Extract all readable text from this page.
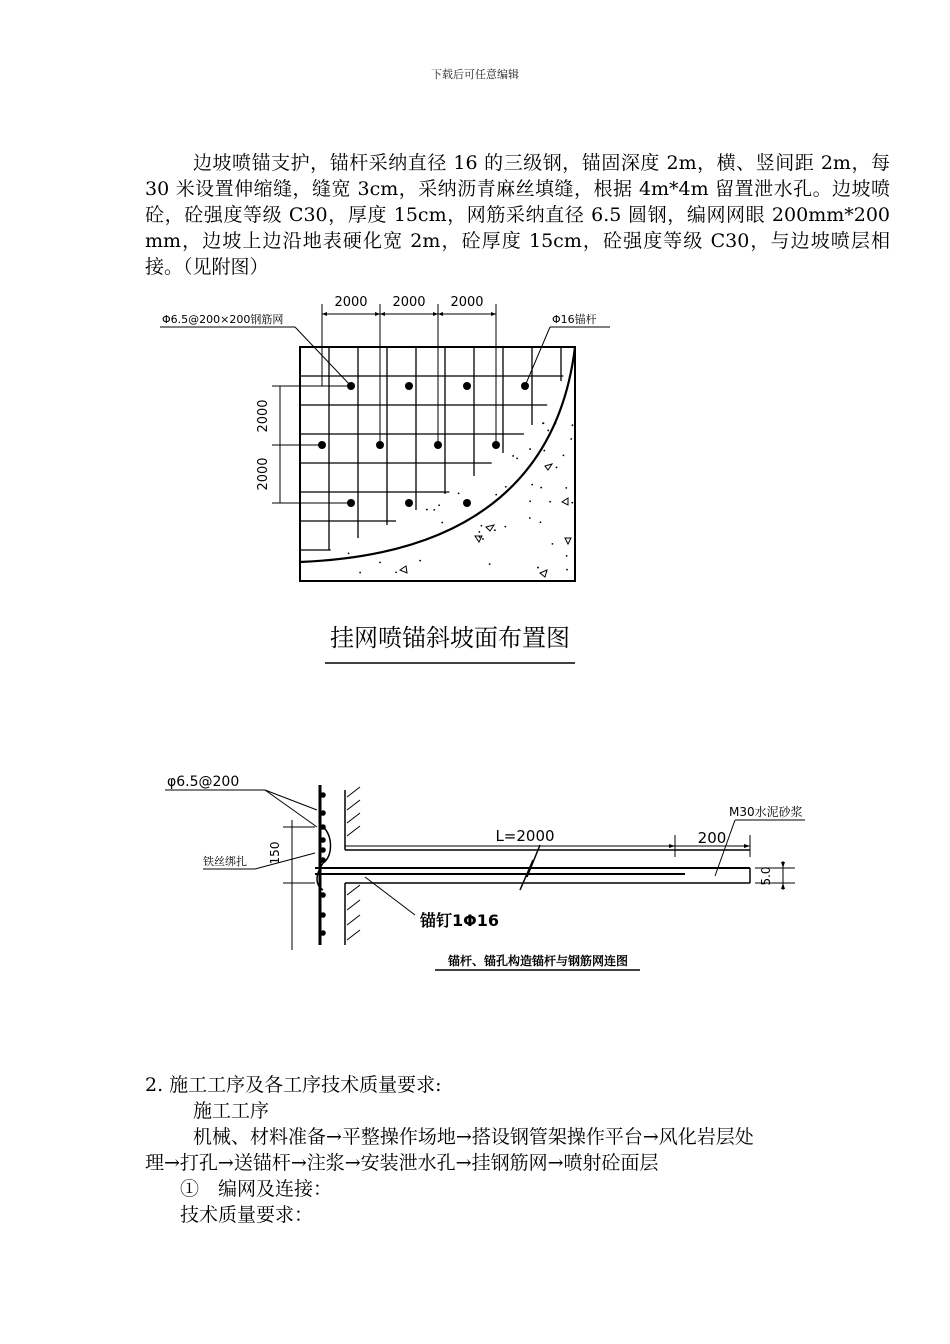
下载后可任意编辑
边坡喷锚支护，锚杆采纳直径 16 的三级钢，锚固深度 2m，横、竖间距 2m，每 30 米设置伸缩缝，缝宽 3cm，采纳沥青麻丝填缝，根据 4m*4m 留置泄水孔。边坡喷砼，砼强度等级 C30，厚度 15cm，网筋采纳直径 6.5 圆钢，编网网眼 200mm*200 mm，边坡上边沿地表硬化宽 2m，砼厚度 15cm，砼强度等级 C30，与边坡喷层相接。（见附图）
2000 2000 2000
2000
2000
Φ6.5@200×200钢筋网	Φ16锚杆
挂网喷锚斜坡面布置图
φ6.5@200
铁丝绑扎 150
L=2000	200
M30水泥砂浆
5.0
锚钉1Φ16
锚杆、锚孔构造锚杆与钢筋网连图
2. 施工工序及各工序技术质量要求:
施工工序
机械、材料准备→平整操作场地→搭设钢管架操作平台→风化岩层处
理→打孔→送锚杆→注浆→安装泄水孔→挂钢筋网→喷射砼面层
①　编网及连接：
技术质量要求：
